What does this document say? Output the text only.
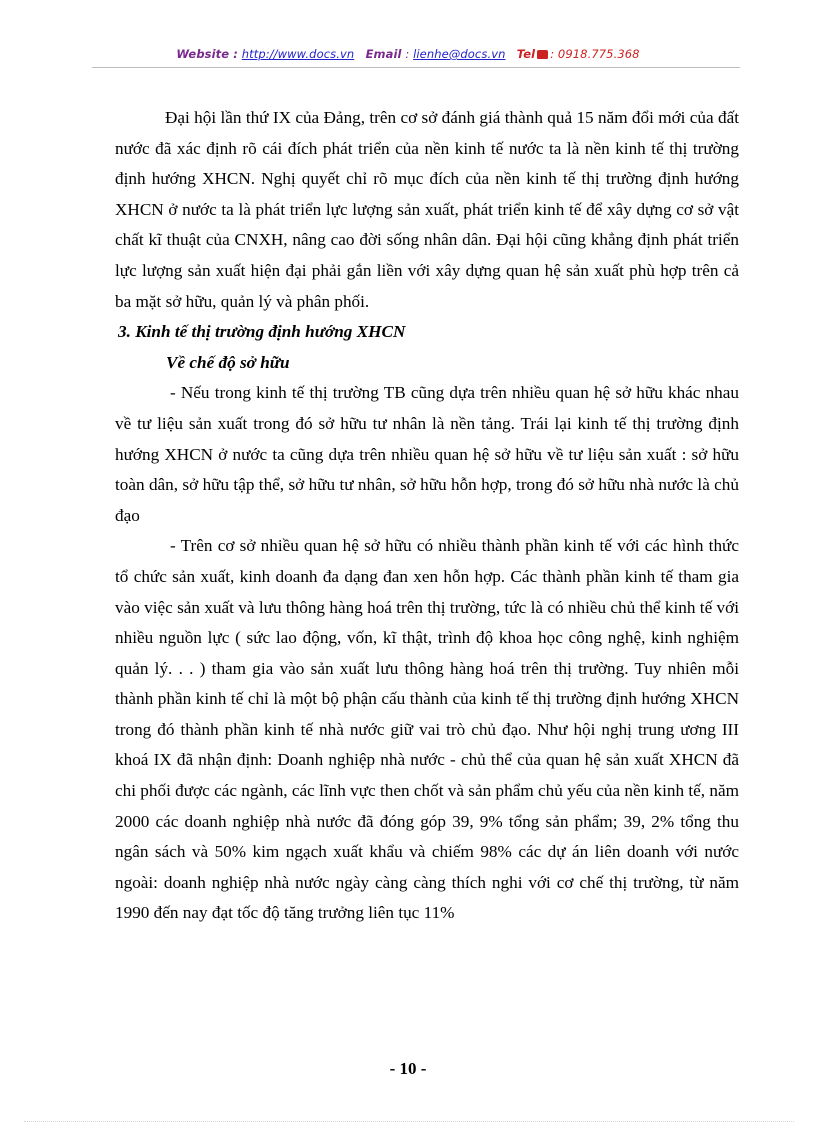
Website : http://www.docs.vn Email : lienhe@docs.vn Tel : 0918.775.368

Đại hội lần thứ IX của Đảng, trên cơ sở đánh giá thành quả 15 năm đổi mới của đất nước đã xác định rõ cái đích phát triển của nền kinh tế nước ta là nền kinh tế thị trường định hướng XHCN. Nghị quyết chỉ rõ mục đích của nền kinh tế thị trường định hướng XHCN ở nước ta là phát triển lực lượng sản xuất, phát triển kinh tế để xây dựng cơ sở vật chất kĩ thuật của CNXH, nâng cao đời sống nhân dân. Đại hội cũng khẳng định phát triển lực lượng sản xuất hiện đại phải gắn liền với xây dựng quan hệ sản xuất phù hợp trên cả ba mặt sở hữu, quản lý và phân phối.

3. Kinh tế thị trường định hướng XHCN

Về chế độ sở hữu

- Nếu trong kinh tế thị trường TB cũng dựa trên nhiều quan hệ sở hữu khác nhau về tư liệu sản xuất trong đó sở hữu tư nhân là nền tảng. Trái lại kinh tế thị trường định hướng XHCN ở nước ta cũng dựa trên nhiều quan hệ sở hữu về tư liệu sản xuất : sở hữu toàn dân, sở hữu tập thể, sở hữu tư nhân, sở hữu hỗn hợp, trong đó sở hữu nhà nước là chủ đạo

- Trên cơ sở nhiều quan hệ sở hữu có nhiều thành phần kinh tế với các hình thức tổ chức sản xuất, kinh doanh đa dạng đan xen hỗn hợp. Các thành phần kinh tế tham gia vào việc sản xuất và lưu thông hàng hoá trên thị trường, tức là có nhiều chủ thể kinh tế với nhiều nguồn lực ( sức lao động, vốn, kĩ thật, trình độ khoa học công nghệ, kinh nghiệm quản lý. . . ) tham gia vào sản xuất lưu thông hàng hoá trên thị trường. Tuy nhiên mỗi thành phần kinh tế chỉ là một bộ phận cấu thành của kinh tế thị trường định hướng XHCN trong đó thành phần kinh tế nhà nước giữ vai trò chủ đạo. Như hội nghị trung ương III khoá IX đã nhận định: Doanh nghiệp nhà nước - chủ thể của quan hệ sản xuất XHCN đã chi phối được các ngành, các lĩnh vực then chốt và sản phẩm chủ yếu của nền kinh tế, năm 2000 các doanh nghiệp nhà nước đã đóng góp 39, 9% tổng sản phẩm; 39, 2% tổng thu ngân sách và 50% kim ngạch xuất khẩu và chiếm 98% các dự án liên doanh với nước ngoài: doanh nghiệp nhà nước ngày càng càng thích nghi với cơ chế thị trường, từ năm 1990 đến nay đạt tốc độ tăng trưởng liên tục 11%

- 10 -
